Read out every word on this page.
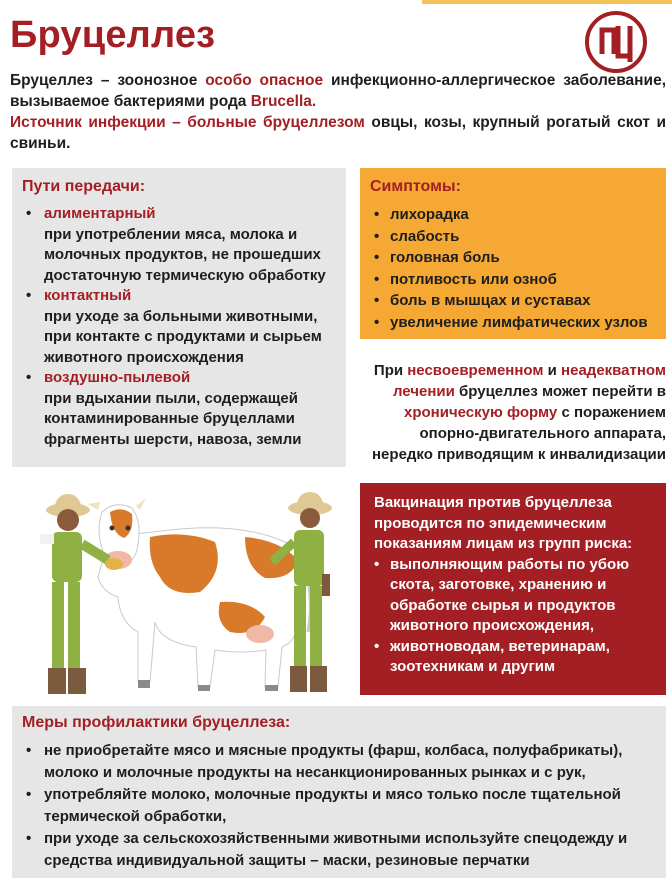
Бруцеллез

Бруцеллез – зоонозное особо опасное инфекционно-аллергическое заболевание, вызываемое бактериями рода Brucella.

Источник инфекции – больные бруцеллезом овцы, козы, крупный рогатый скот и свиньи.

Пути передачи:
• алиментарный
при употреблении мяса, молока и молочных продуктов, не прошедших достаточную термическую обработку
• контактный
при уходе за больными животными, при контакте с продуктами и сырьем животного происхождения
• воздушно-пылевой
при вдыхании пыли, содержащей контаминированные бруцеллами фрагменты шерсти, навоза, земли
Симптомы:
• лихорадка
• слабость
• головная боль
• потливость или озноб
• боль в мышцах и суставах
• увеличение лимфатических узлов
При несвоевременном и неадекватном лечении бруцеллез может перейти в хроническую форму с поражением опорно-двигательного аппарата, нередко приводящим к инвалидизации
Вакцинация против бруцеллеза проводится по эпидемическим показаниям лицам из групп риска:
• выполняющим работы по убою скота, заготовке, хранению и обработке сырья и продуктов животного происхождения,
• животноводам, ветеринарам, зоотехникам и другим
Меры профилактики бруцеллеза:
• не приобретайте мясо и мясные продукты (фарш, колбаса, полуфабрикаты), молоко и молочные продукты на несанкционированных рынках и с рук,
• употребляйте молоко, молочные продукты и мясо только после тщательной термической обработки,
• при уходе за сельскохозяйственными животными используйте спецодежду и средства индивидуальной защиты – маски, резиновые перчатки
